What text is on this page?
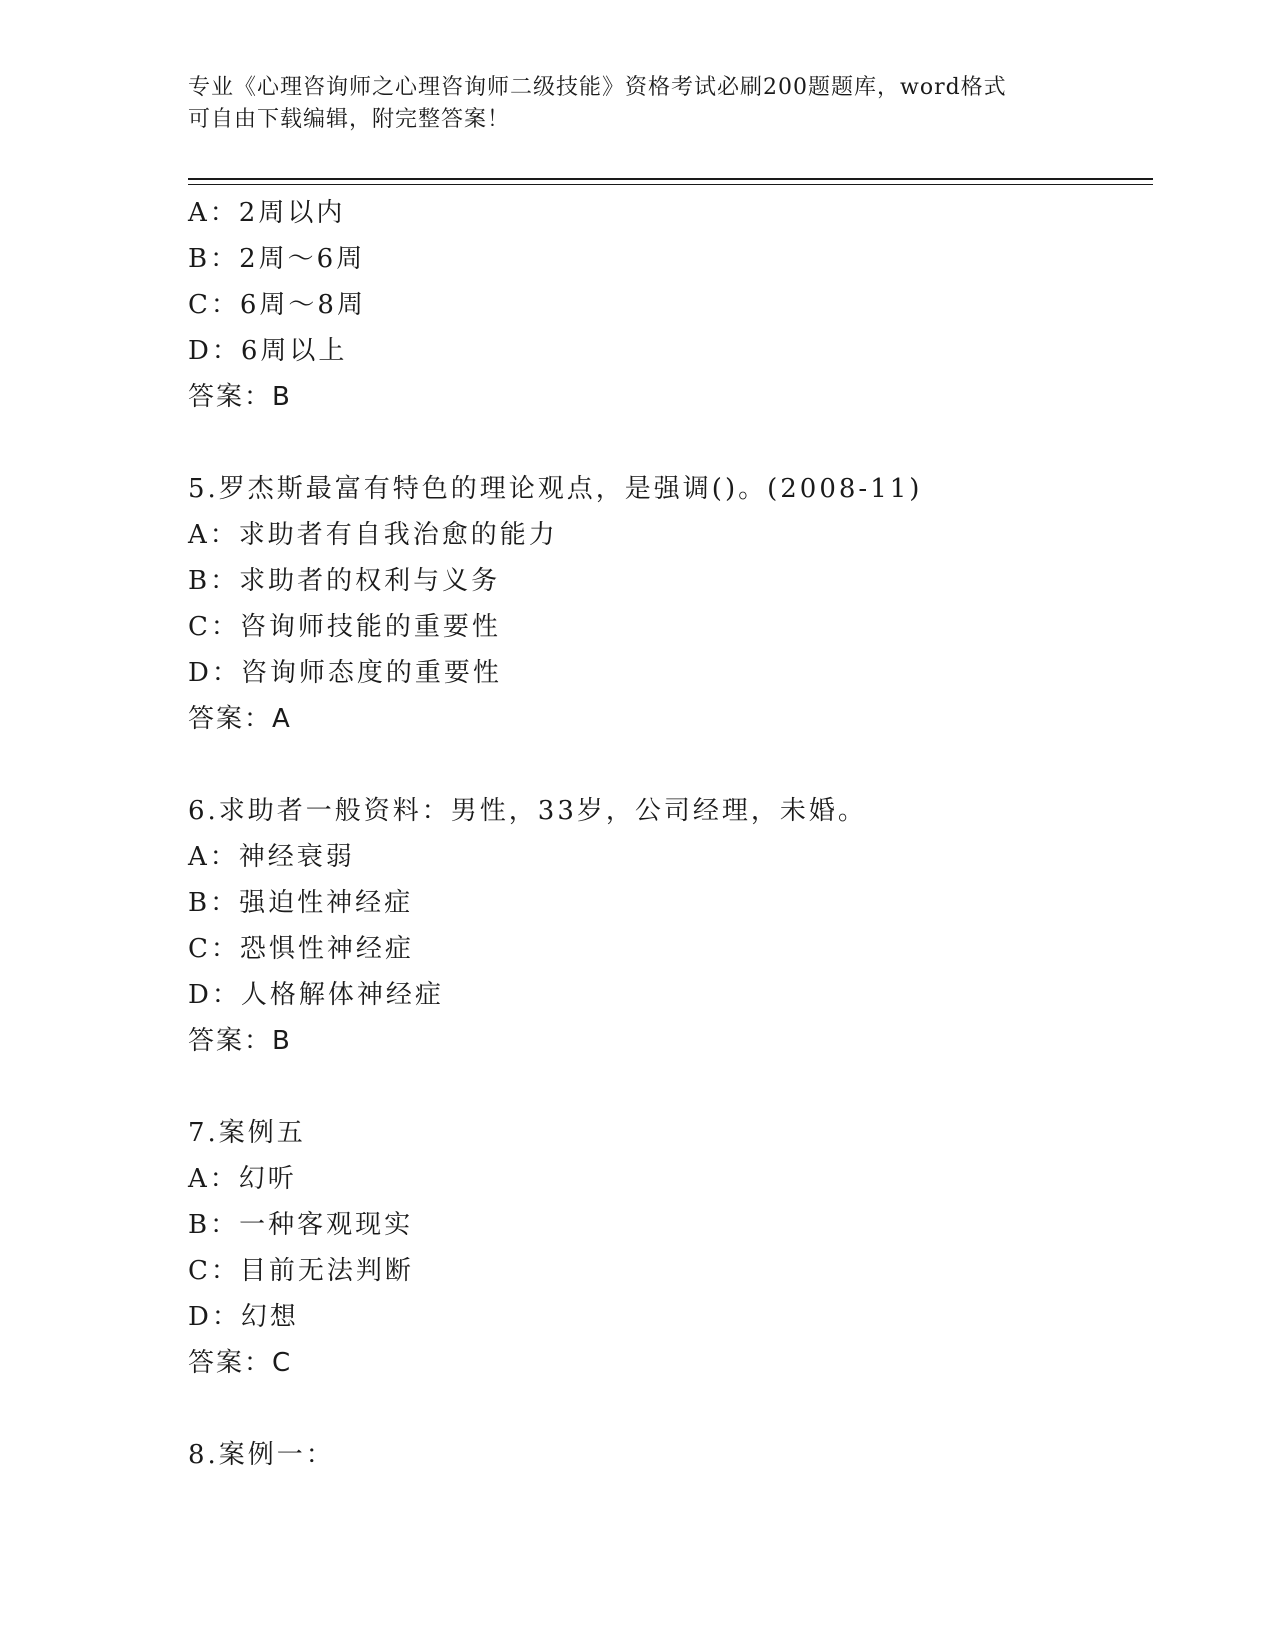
专业《心理咨询师之心理咨询师二级技能》资格考试必刷200题题库，word格式
可自由下载编辑，附完整答案！
A：2周以内
B：2周～6周
C：6周～8周
D：6周以上
答案：B
5.罗杰斯最富有特色的理论观点，是强调()。(2008-11)
A：求助者有自我治愈的能力
B：求助者的权利与义务
C：咨询师技能的重要性
D：咨询师态度的重要性
答案：A
6.求助者一般资料：男性，33岁，公司经理，未婚。
A：神经衰弱
B：强迫性神经症
C：恐惧性神经症
D：人格解体神经症
答案：B
7.案例五
A：幻听
B：一种客观现实
C：目前无法判断
D：幻想
答案：C
8.案例一：
